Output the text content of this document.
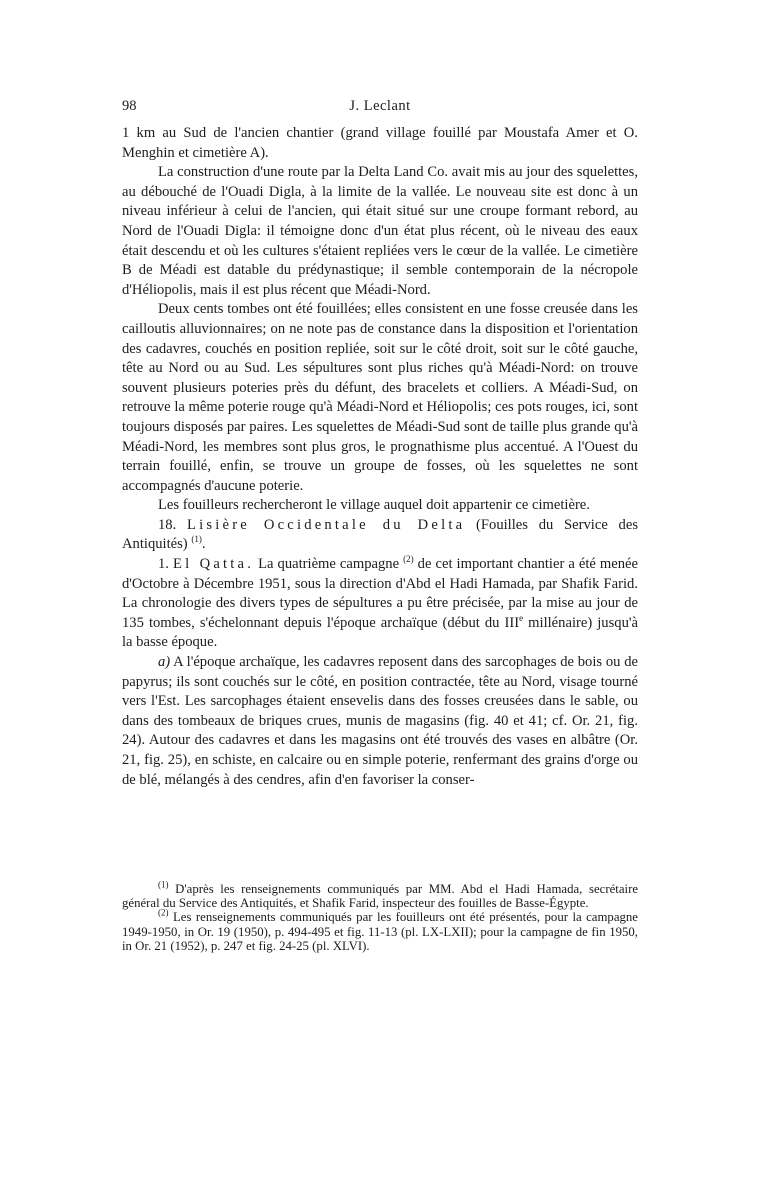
98	J. Leclant

1 km au Sud de l'ancien chantier (grand village fouillé par Moustafa Amer et O. Menghin et cimetière A).

La construction d'une route par la Delta Land Co. avait mis au jour des squelettes, au débouché de l'Ouadi Digla, à la limite de la vallée. Le nouveau site est donc à un niveau inférieur à celui de l'ancien, qui était situé sur une croupe formant rebord, au Nord de l'Ouadi Digla: il témoigne donc d'un état plus récent, où le niveau des eaux était descendu et où les cultures s'étaient repliées vers le cœur de la vallée. Le cimetière B de Méadi est datable du prédynastique; il semble contemporain de la nécropole d'Héliopolis, mais il est plus récent que Méadi-Nord.

Deux cents tombes ont été fouillées; elles consistent en une fosse creusée dans les cailloutis alluvionnaires; on ne note pas de constance dans la disposition et l'orientation des cadavres, couchés en position repliée, soit sur le côté droit, soit sur le côté gauche, tête au Nord ou au Sud. Les sépultures sont plus riches qu'à Méadi-Nord: on trouve souvent plusieurs poteries près du défunt, des bracelets et colliers. A Méadi-Sud, on retrouve la même poterie rouge qu'à Méadi-Nord et Héliopolis; ces pots rouges, ici, sont toujours disposés par paires. Les squelettes de Méadi-Sud sont de taille plus grande qu'à Méadi-Nord, les membres sont plus gros, le prognathisme plus accentué. A l'Ouest du terrain fouillé, enfin, se trouve un groupe de fosses, où les squelettes ne sont accompagnés d'aucune poterie.

Les fouilleurs rechercheront le village auquel doit appartenir ce cimetière.

18. Lisière Occidentale du Delta (Fouilles du Service des Antiquités) $^{(1)}$.

1. El Qatta. La quatrième campagne $^{(2)}$ de cet important chantier a été menée d'Octobre à Décembre 1951, sous la direction d'Abd el Hadi Hamada, par Shafik Farid. La chronologie des divers types de sépultures a pu être précisée, par la mise au jour de 135 tombes, s'échelonnant depuis l'époque archaïque (début du IIIe millénaire) jusqu'à la basse époque.

a) A l'époque archaïque, les cadavres reposent dans des sarcophages de bois ou de papyrus; ils sont couchés sur le côté, en position contractée, tête au Nord, visage tourné vers l'Est. Les sarcophages étaient ensevelis dans des fosses creusées dans le sable, ou dans des tombeaux de briques crues, munis de magasins (fig. 40 et 41; cf. Or. 21, fig. 24). Autour des cadavres et dans les magasins ont été trouvés des vases en albâtre (Or. 21, fig. 25), en schiste, en calcaire ou en simple poterie, renfermant des grains d'orge ou de blé, mélangés à des cendres, afin d'en favoriser la conser-

$^{(1)}$ D'après les renseignements communiqués par MM. Abd el Hadi Hamada, secrétaire général du Service des Antiquités, et Shafik Farid, inspecteur des fouilles de Basse-Égypte.

$^{(2)}$ Les renseignements communiqués par les fouilleurs ont été présentés, pour la campagne 1949-1950, in Or. 19 (1950), p. 494-495 et fig. 11-13 (pl. LX-LXII); pour la campagne de fin 1950, in Or. 21 (1952), p. 247 et fig. 24-25 (pl. XLVI).
